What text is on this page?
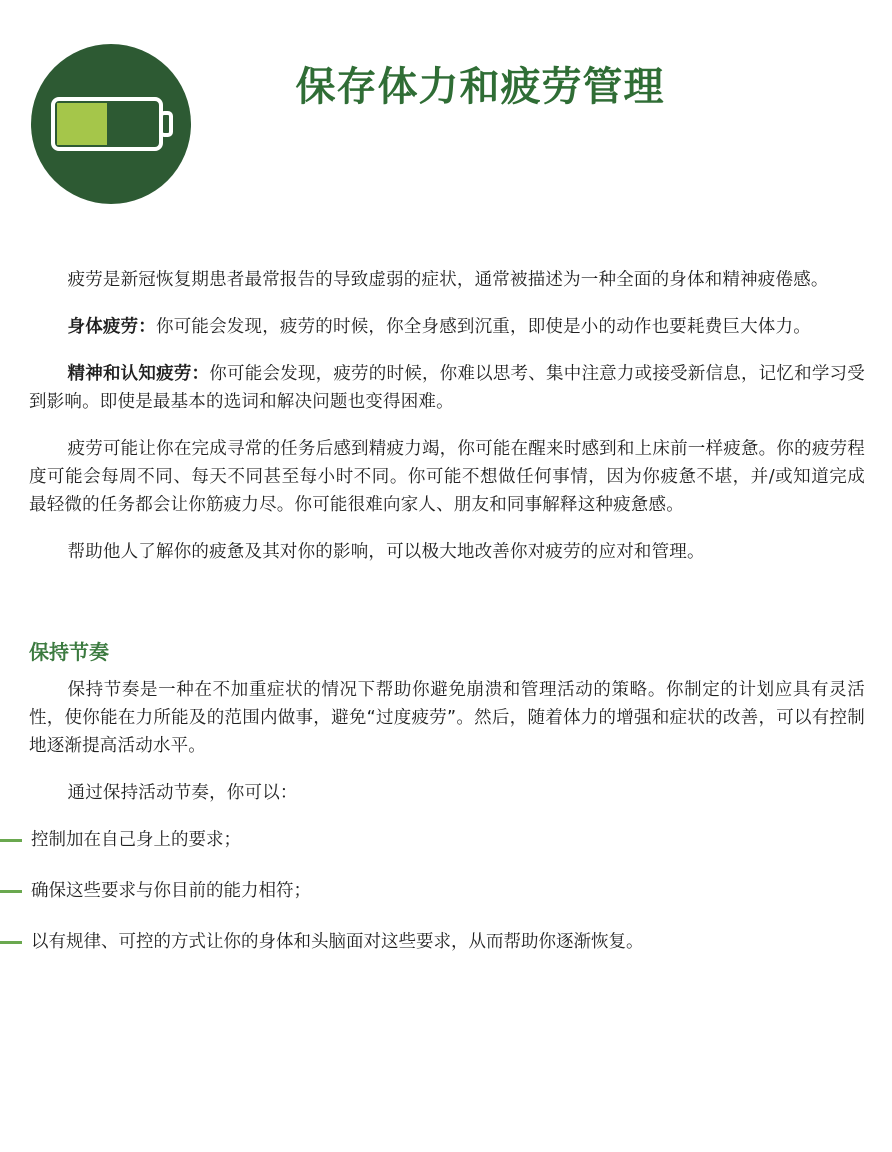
保存体力和疲劳管理

疲劳是新冠恢复期患者最常报告的导致虚弱的症状，通常被描述为一种全面的身体和精神疲倦感。

身体疲劳：你可能会发现，疲劳的时候，你全身感到沉重，即使是小的动作也要耗费巨大体力。

精神和认知疲劳：你可能会发现，疲劳的时候，你难以思考、集中注意力或接受新信息，记忆和学习受到影响。即使是最基本的选词和解决问题也变得困难。

疲劳可能让你在完成寻常的任务后感到精疲力竭，你可能在醒来时感到和上床前一样疲惫。你的疲劳程度可能会每周不同、每天不同甚至每小时不同。你可能不想做任何事情，因为你疲惫不堪，并/或知道完成最轻微的任务都会让你筋疲力尽。你可能很难向家人、朋友和同事解释这种疲惫感。

帮助他人了解你的疲惫及其对你的影响，可以极大地改善你对疲劳的应对和管理。

保持节奏

保持节奏是一种在不加重症状的情况下帮助你避免崩溃和管理活动的策略。你制定的计划应具有灵活性，使你能在力所能及的范围内做事，避免“过度疲劳”。然后，随着体力的增强和症状的改善，可以有控制地逐渐提高活动水平。

通过保持活动节奏，你可以：

控制加在自己身上的要求；
确保这些要求与你目前的能力相符；
以有规律、可控的方式让你的身体和头脑面对这些要求，从而帮助你逐渐恢复。
